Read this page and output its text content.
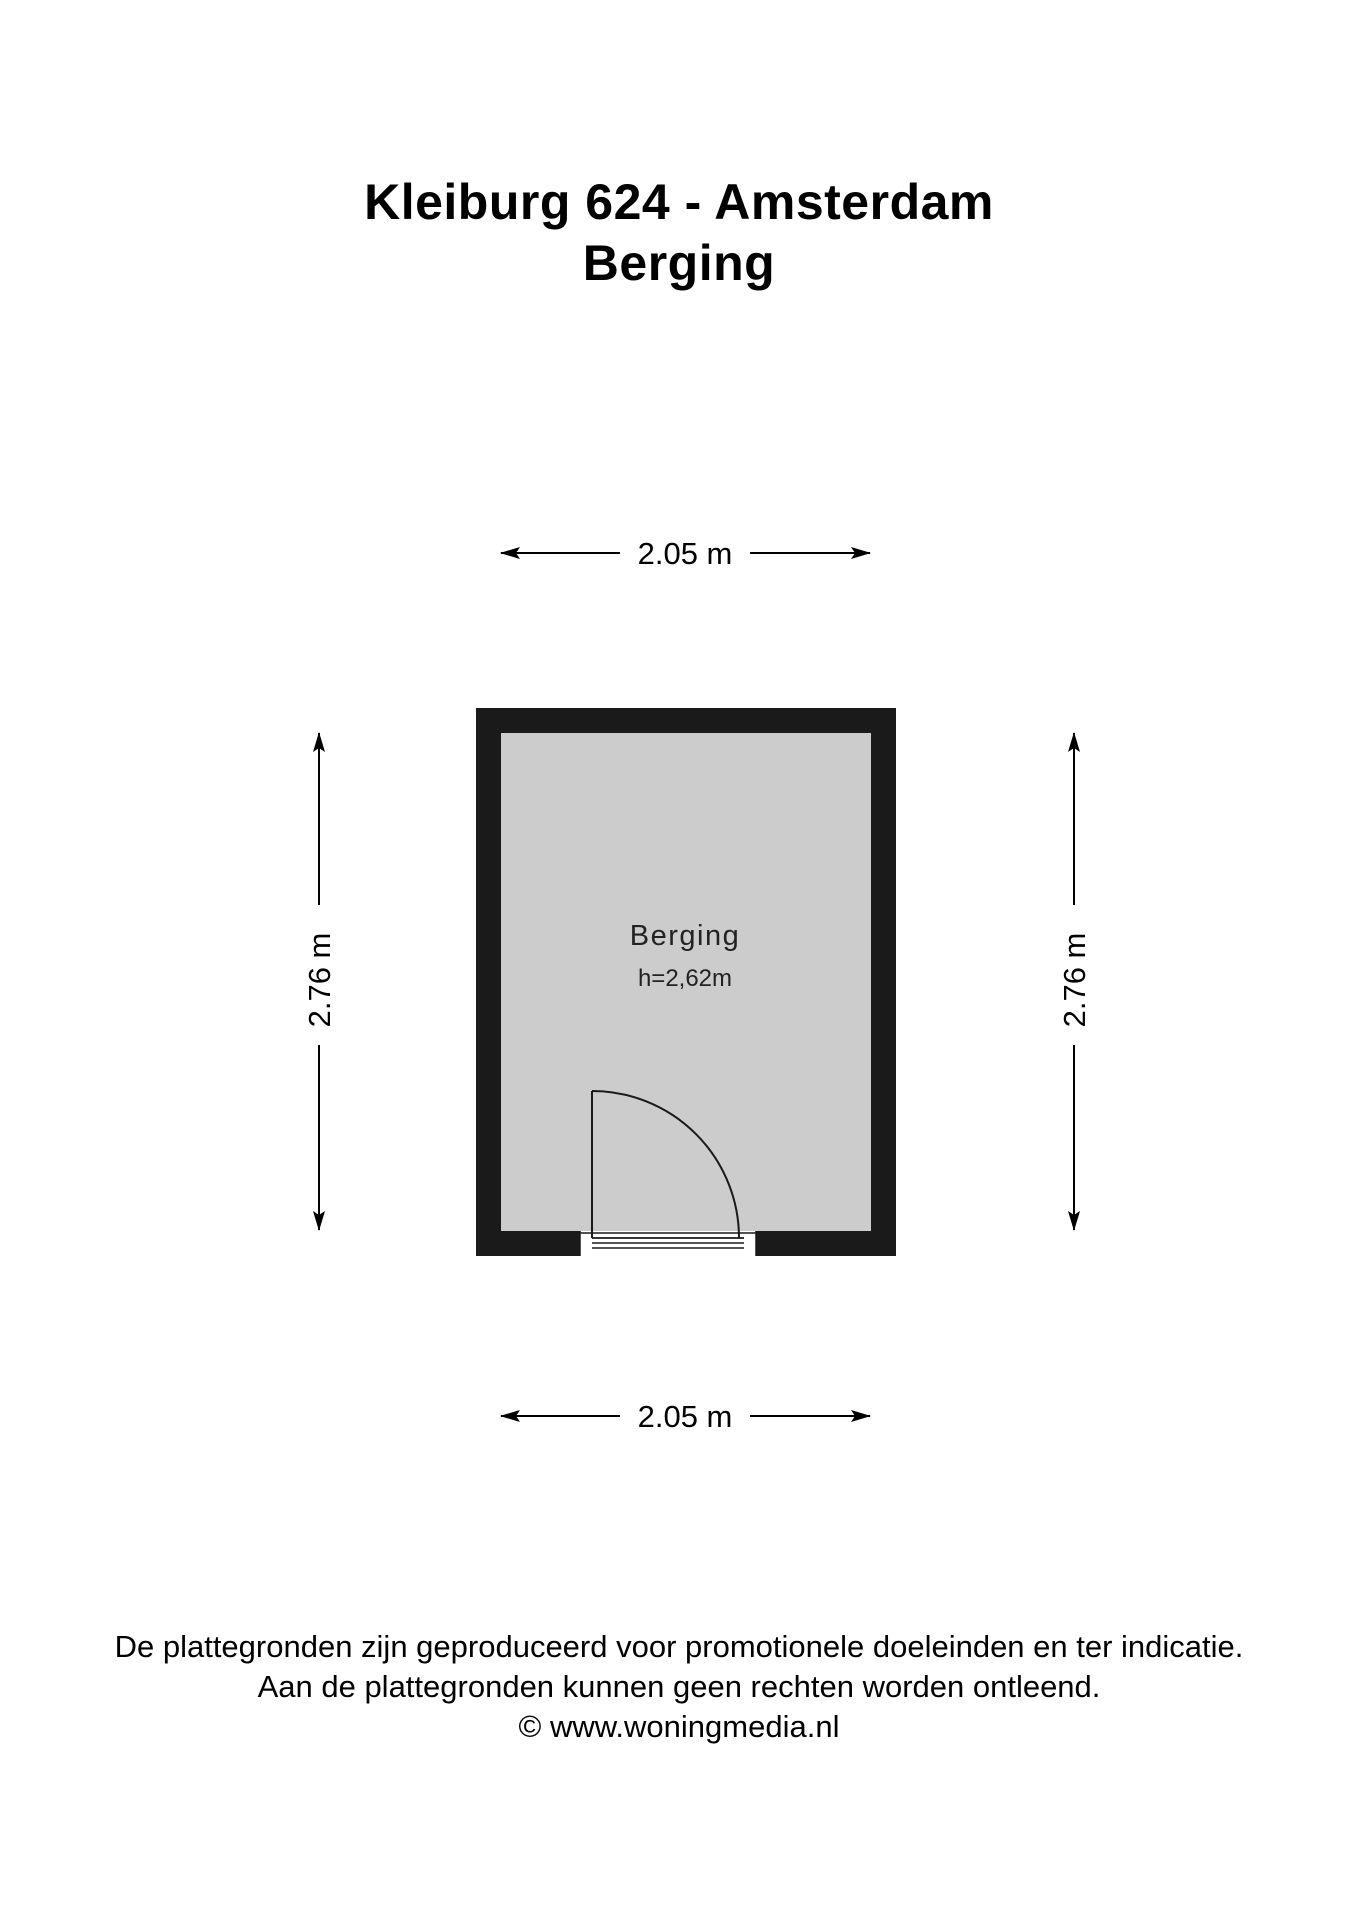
Kleiburg 624 - Amsterdam
Berging
2.05 m
2.05 m
2.76 m	2.76 m
Berging
h=2,62m
De plattegronden zijn geproduceerd voor promotionele doeleinden en ter indicatie.
Aan de plattegronden kunnen geen rechten worden ontleend.
© www.woningmedia.nl
